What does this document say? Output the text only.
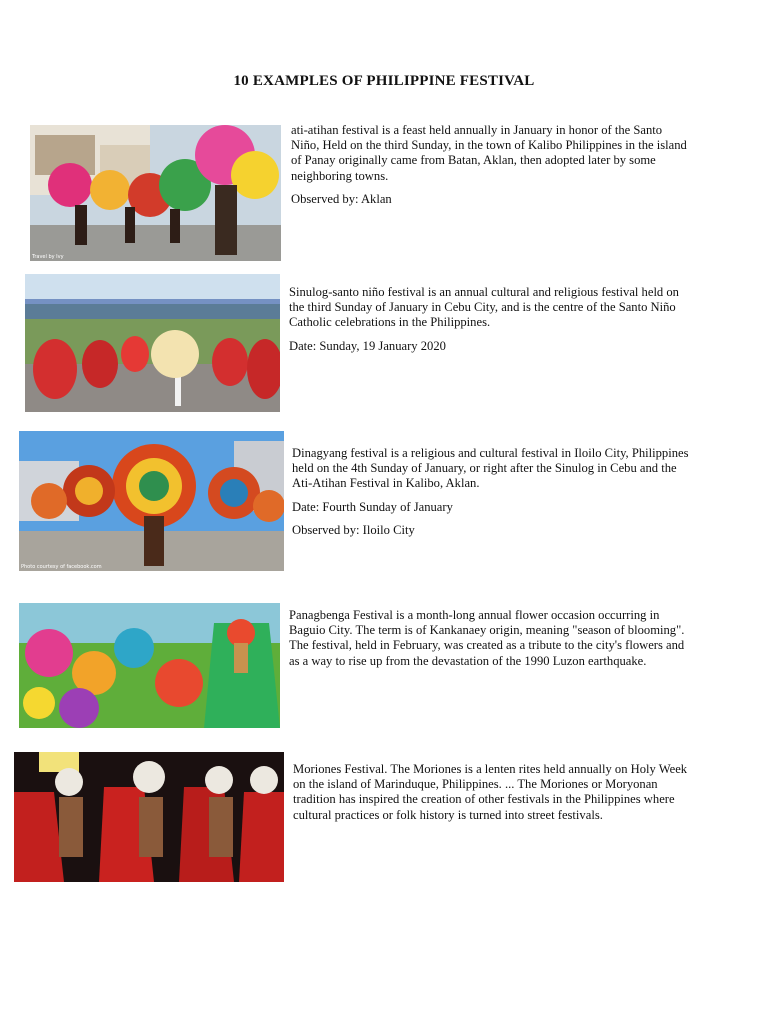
10 EXAMPLES OF PHILIPPINE FESTIVAL
Travel by Ivy

ati-atihan festival is a feast held annually in January in honor of the Santo Niño, Held on the third Sunday, in the town of Kalibo Philippines in the island of Panay originally came from Batan, Aklan, then adopted later by some neighboring towns.

Observed by: Aklan

Sinulog-santo niño festival is an annual cultural and religious festival held on the third Sunday of January in Cebu City, and is the centre of the Santo Niño Catholic celebrations in the Philippines.

Date: Sunday, 19 January 2020

Photo courtesy of facebook.com

Dinagyang festival is a religious and cultural festival in Iloilo City, Philippines held on the 4th Sunday of January, or right after the Sinulog in Cebu and the Ati-Atihan Festival in Kalibo, Aklan.

Date: Fourth Sunday of January

Observed by: Iloilo City

Panagbenga Festival is a month-long annual flower occasion occurring in Baguio City. The term is of Kankanaey origin, meaning "season of blooming". The festival, held in February, was created as a tribute to the city's flowers and as a way to rise up from the devastation of the 1990 Luzon earthquake.

Moriones Festival. The Moriones is a lenten rites held annually on Holy Week on the island of Marinduque, Philippines. ... The Moriones or Moryonan tradition has inspired the creation of other festivals in the Philippines where cultural practices or folk history is turned into street festivals.
